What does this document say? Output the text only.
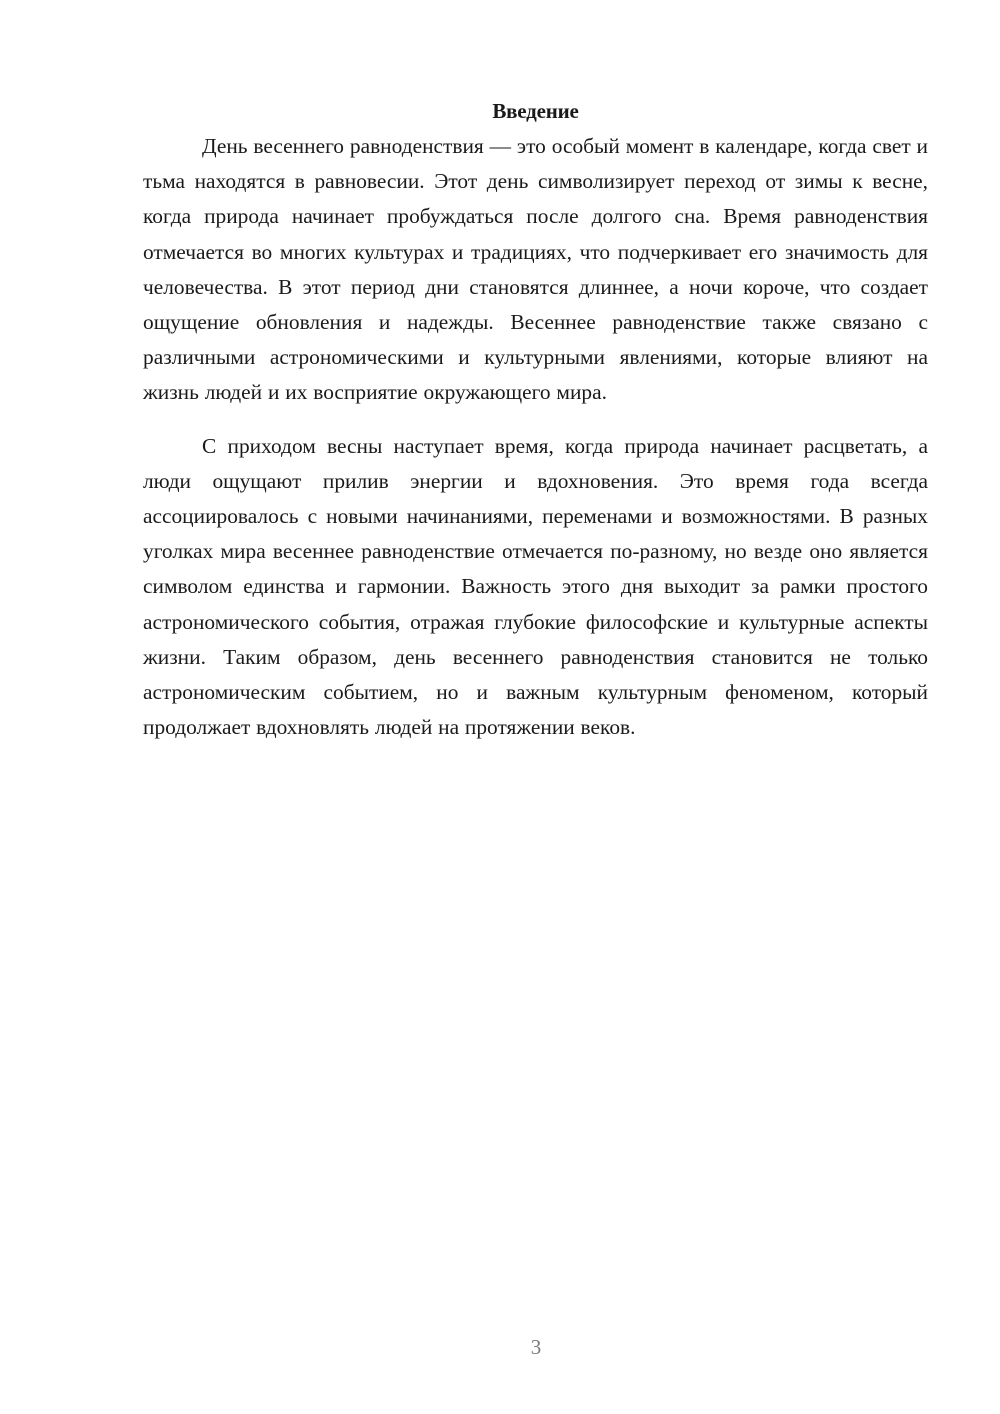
Введение

День весеннего равноденствия — это особый момент в календаре, когда свет и тьма находятся в равновесии. Этот день символизирует переход от зимы к весне, когда природа начинает пробуждаться после долгого сна. Время равноденствия отмечается во многих культурах и традициях, что подчеркивает его значимость для человечества. В этот период дни становятся длиннее, а ночи короче, что создает ощущение обновления и надежды. Весеннее равноденствие также связано с различными астрономическими и культурными явлениями, которые влияют на жизнь людей и их восприятие окружающего мира.

С приходом весны наступает время, когда природа начинает расцветать, а люди ощущают прилив энергии и вдохновения. Это время года всегда ассоциировалось с новыми начинаниями, переменами и возможностями. В разных уголках мира весеннее равноденствие отмечается по-разному, но везде оно является символом единства и гармонии. Важность этого дня выходит за рамки простого астрономического события, отражая глубокие философские и культурные аспекты жизни. Таким образом, день весеннего равноденствия становится не только астрономическим событием, но и важным культурным феноменом, который продолжает вдохновлять людей на протяжении веков.

3
